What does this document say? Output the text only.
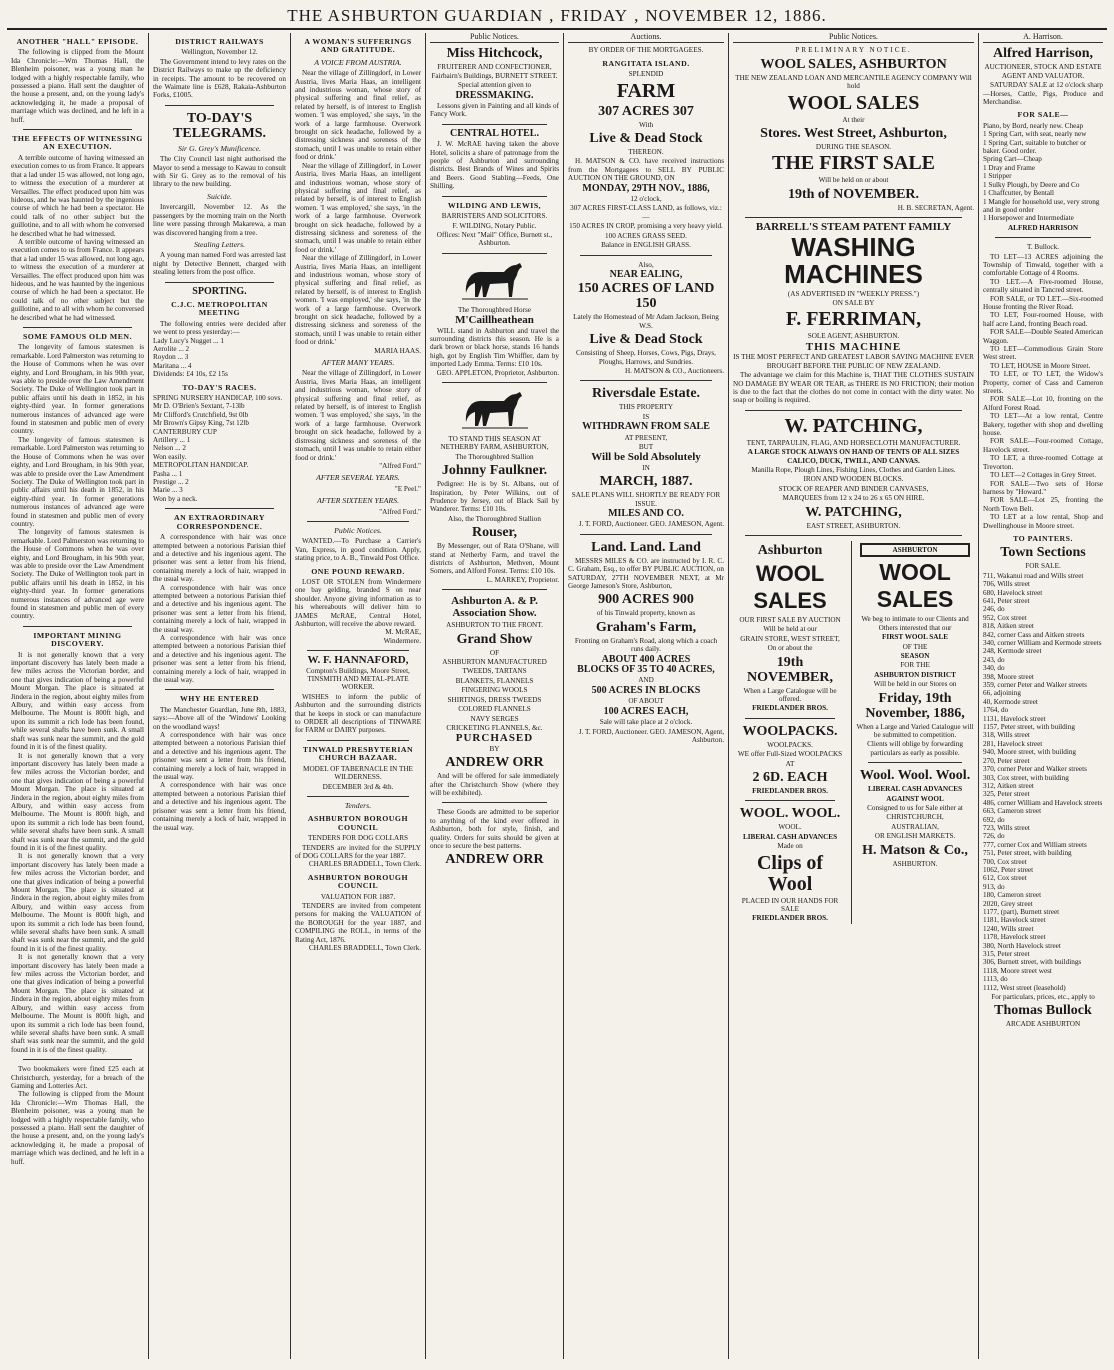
THE ASHBURTON GUARDIAN , FRIDAY , NOVEMBER 12, 1886.
ANOTHER "HALL" EPISODE.

The following is clipped from the Mount Ida Chronicle:—Wm Thomas Hall, the Blenheim poisoner, was a young man he lodged with a highly respectable family, who possessed a piano. Hall sent the daughter of the house a present, and, on the young lady's acknowledging it, he made a proposal of marriage which was declined, and he left in a huff.

THE EFFECTS OF WITNESSING AN EXECUTION.

A terrible outcome of having witnessed an execution comes to us from France. It appears that a lad under 15 was allowed, not long ago, to witness the execution of a murderer at Versailles. The effect produced upon him was hideous, and he was haunted by the ingenious course of which he had been a spectator. He could talk of no other subject but the guillotine, and to all with whom he conversed he described what he had witnessed.

A terrible outcome of having witnessed an execution comes to us from France. It appears that a lad under 15 was allowed, not long ago, to witness the execution of a murderer at Versailles. The effect produced upon him was hideous, and he was haunted by the ingenious course of which he had been a spectator. He could talk of no other subject but the guillotine, and to all with whom he conversed he described what he had witnessed.

SOME FAMOUS OLD MEN.

The longevity of famous statesmen is remarkable. Lord Palmerston was returning to the House of Commons when he was over eighty, and Lord Brougham, in his 90th year, was able to preside over the Law Amendment Society. The Duke of Wellington took part in public affairs until his death in 1852, in his eighty-third year. In former generations numerous instances of advanced age were found in statesmen and public men of every country.

The longevity of famous statesmen is remarkable. Lord Palmerston was returning to the House of Commons when he was over eighty, and Lord Brougham, in his 90th year, was able to preside over the Law Amendment Society. The Duke of Wellington took part in public affairs until his death in 1852, in his eighty-third year. In former generations numerous instances of advanced age were found in statesmen and public men of every country.

The longevity of famous statesmen is remarkable. Lord Palmerston was returning to the House of Commons when he was over eighty, and Lord Brougham, in his 90th year, was able to preside over the Law Amendment Society. The Duke of Wellington took part in public affairs until his death in 1852, in his eighty-third year. In former generations numerous instances of advanced age were found in statesmen and public men of every country.

IMPORTANT MINING DISCOVERY.

It is not generally known that a very important discovery has lately been made a few miles across the Victorian border, and one that gives indication of being a powerful Mount Morgan. The place is situated at Jindera in the region, about eighty miles from Albury, and within easy access from Melbourne. The Mount is 800ft high, and upon its summit a rich lode has been found, while several shafts have been sunk. A small shaft was sunk near the summit, and the gold found in it is of the finest quality.

It is not generally known that a very important discovery has lately been made a few miles across the Victorian border, and one that gives indication of being a powerful Mount Morgan. The place is situated at Jindera in the region, about eighty miles from Albury, and within easy access from Melbourne. The Mount is 800ft high, and upon its summit a rich lode has been found, while several shafts have been sunk. A small shaft was sunk near the summit, and the gold found in it is of the finest quality.

It is not generally known that a very important discovery has lately been made a few miles across the Victorian border, and one that gives indication of being a powerful Mount Morgan. The place is situated at Jindera in the region, about eighty miles from Albury, and within easy access from Melbourne. The Mount is 800ft high, and upon its summit a rich lode has been found, while several shafts have been sunk. A small shaft was sunk near the summit, and the gold found in it is of the finest quality.

It is not generally known that a very important discovery has lately been made a few miles across the Victorian border, and one that gives indication of being a powerful Mount Morgan. The place is situated at Jindera in the region, about eighty miles from Albury, and within easy access from Melbourne. The Mount is 800ft high, and upon its summit a rich lode has been found, while several shafts have been sunk. A small shaft was sunk near the summit, and the gold found in it is of the finest quality.

Two bookmakers were fined £25 each at Christchurch, yesterday, for a breach of the Gaming and Lotteries Act.

The following is clipped from the Mount Ida Chronicle:—Wm Thomas Hall, the Blenheim poisoner, was a young man he lodged with a highly respectable family, who possessed a piano. Hall sent the daughter of the house a present, and, on the young lady's acknowledging it, he made a proposal of marriage which was declined, and he left in a huff.

DISTRICT RAILWAYS

Wellington, November 12.

The Government intend to levy rates on the District Railways to make up the deficiency in receipts. The amount to be recovered on the Waimate line is £628, Rakaia-Ashburton Forks, £1005.

TO-DAY'S TELEGRAMS.
Sir G. Grey's Munificence.

The City Council last night authorised the Mayor to send a message to Kawau to consult with Sir G. Grey as to the removal of his library to the new building.

Suicide.

Invercargill, November 12. As the passengers by the morning train on the North line were passing through Makarewa, a man was discovered hanging from a tree.

Stealing Letters.

A young man named Ford was arrested last night by Detective Bennett, charged with stealing letters from the post office.

SPORTING.
C.J.C. METROPOLITAN MEETING

The following entries were decided after we went to press yesterday:—

Lady Lucy's Nugget ... 1

Aerolite ... 2

Roydon ... 3

Maritana ... 4

Dividends: £4 10s, £2 15s

TO-DAY'S RACES.

SPRING NURSERY HANDICAP, 100 sovs.

Mr D. O'Brien's Sextant, 7-13lb

Mr Clifford's Crutchfield, 9st 0lb

Mr Brown's Gipsy King, 7st 12lb

CANTERBURY CUP

Artillery ... 1

Nelson ... 2

Won easily.

METROPOLITAN HANDICAP.

Pasha ... 1

Prestige ... 2

Marie ... 3

Won by a neck.

AN EXTRAORDINARY CORRESPONDENCE.

A correspondence with hair was once attempted between a notorious Parisian thief and a detective and his ingenious agent. The prisoner was sent a letter from his friend, containing merely a lock of hair, wrapped in the usual way.

A correspondence with hair was once attempted between a notorious Parisian thief and a detective and his ingenious agent. The prisoner was sent a letter from his friend, containing merely a lock of hair, wrapped in the usual way.

A correspondence with hair was once attempted between a notorious Parisian thief and a detective and his ingenious agent. The prisoner was sent a letter from his friend, containing merely a lock of hair, wrapped in the usual way.

WHY HE ENTERED

The Manchester Guardian, June 8th, 1883, says:—Above all of the 'Windows' Looking on the woodland ways!

A correspondence with hair was once attempted between a notorious Parisian thief and a detective and his ingenious agent. The prisoner was sent a letter from his friend, containing merely a lock of hair, wrapped in the usual way.

A correspondence with hair was once attempted between a notorious Parisian thief and a detective and his ingenious agent. The prisoner was sent a letter from his friend, containing merely a lock of hair, wrapped in the usual way.

A WOMAN'S SUFFERINGS AND GRATITUDE.
A VOICE FROM AUSTRIA.

Near the village of Zillingdorf, in Lower Austria, lives Maria Haas, an intelligent and industrious woman, whose story of physical suffering and final relief, as related by herself, is of interest to English women. 'I was employed,' she says, 'in the work of a large farmhouse. Overwork brought on sick headache, followed by a distressing sickness and soreness of the stomach, until I was unable to retain either food or drink.'

Near the village of Zillingdorf, in Lower Austria, lives Maria Haas, an intelligent and industrious woman, whose story of physical suffering and final relief, as related by herself, is of interest to English women. 'I was employed,' she says, 'in the work of a large farmhouse. Overwork brought on sick headache, followed by a distressing sickness and soreness of the stomach, until I was unable to retain either food or drink.'

Near the village of Zillingdorf, in Lower Austria, lives Maria Haas, an intelligent and industrious woman, whose story of physical suffering and final relief, as related by herself, is of interest to English women. 'I was employed,' she says, 'in the work of a large farmhouse. Overwork brought on sick headache, followed by a distressing sickness and soreness of the stomach, until I was unable to retain either food or drink.'

MARIA HAAS.

AFTER MANY YEARS.

Near the village of Zillingdorf, in Lower Austria, lives Maria Haas, an intelligent and industrious woman, whose story of physical suffering and final relief, as related by herself, is of interest to English women. 'I was employed,' she says, 'in the work of a large farmhouse. Overwork brought on sick headache, followed by a distressing sickness and soreness of the stomach, until I was unable to retain either food or drink.'

"Alfred Ford."

AFTER SEVERAL YEARS.

"E Peel."

AFTER SIXTEEN YEARS.

"Alfred Ford."

Public Notices.

WANTED.—To Purchase a Carrier's Van, Express, in good condition. Apply, stating price, to A. B., Tinwald Post Office.

ONE POUND REWARD.

LOST OR STOLEN from Windermere one bay gelding, branded S on near shoulder. Anyone giving information as to his whereabouts will deliver him to JAMES McRAE, Central Hotel, Ashburton, will receive the above reward.

M. McRAE,

Windermere.

W. F. HANNAFORD,

Compton's Buildings, Moore Street, TINSMITH AND METAL-PLATE WORKER.

WISHES to inform the public of Ashburton and the surrounding districts that he keeps in stock or can manufacture to ORDER all descriptions of TINWARE for FARM or DAIRY purposes.

TINWALD PRESBYTERIAN CHURCH BAZAAR.

MODEL OF TABERNACLE IN THE WILDERNESS.

DECEMBER 3rd & 4th.

Tenders.
ASHBURTON BOROUGH COUNCIL

TENDERS FOR DOG COLLARS

TENDERS are invited for the SUPPLY of DOG COLLARS for the year 1887.

CHARLES BRADDELL, Town Clerk.

ASHBURTON BOROUGH COUNCIL

VALUATION FOR 1887.

TENDERS are invited from competent persons for making the VALUATION of the BOROUGH for the year 1887, and COMPILING the ROLL, in terms of the Rating Act, 1876.

CHARLES BRADDELL, Town Clerk.

Public Notices.
Miss Hitchcock,

FRUITERER AND CONFECTIONER, Fairbairn's Buildings, BURNETT STREET.

Special attention given to

DRESSMAKING.

Lessons given in Painting and all kinds of Fancy Work.

CENTRAL HOTEL.

J. W. McRAE having taken the above Hotel, solicits a share of patronage from the people of Ashburton and surrounding districts. Best Brands of Wines and Spirits and Beers. Good Stabling—Feeds, One Shilling.

WILDING AND LEWIS,

BARRISTERS AND SOLICITORS.

F. WILDING, Notary Public.

Offices: Next "Mail" Office, Burnett st., Ashburton.

The Thoroughbred Horse

M'Caillheathean

WILL stand in Ashburton and travel the surrounding districts this season. He is a dark brown or black horse, stands 16 hands high, got by English Tim Whiffler, dam by imported Lady Emma. Terms: £10 10s.

GEO. APPLETON, Proprietor, Ashburton.

TO STAND THIS SEASON AT NETHERBY FARM, ASHBURTON,

The Thoroughbred Stallion

Johnny Faulkner.

Pedigree: He is by St. Albans, out of Inspiration, by Peter Wilkins, out of Prudence by Jersey, out of Black Sail by Wanderer. Terms: £10 10s.

Also, the Thoroughbred Stallion

Rouser,

By Messenger, out of Rata O'Shane, will stand at Netherby Farm, and travel the districts of Ashburton, Methven, Mount Somers, and Alford Forest. Terms: £10 10s.

L. MARKEY, Proprietor.

Ashburton A. & P. Association Show.

ASHBURTON TO THE FRONT.

Grand Show

OF

ASHBURTON MANUFACTURED

TWEEDS, TARTANS

BLANKETS, FLANNELS

FINGERING WOOLS

SHIRTINGS, DRESS TWEEDS

COLORED FLANNELS

NAVY SERGES

CRICKETING FLANNELS, &c.

PURCHASED

BY

ANDREW ORR

And will be offered for sale immediately after the Christchurch Show (where they will be exhibited).

These Goods are admitted to be superior to anything of the kind ever offered in Ashburton, both for style, finish, and quality. Orders for suits should be given at once to secure the best patterns.

ANDREW ORR
Auctions.

BY ORDER OF THE MORTGAGEES.

RANGITATA ISLAND.

SPLENDID

FARM
307 ACRES 307

With

Live & Dead Stock

THEREON.

H. MATSON & CO. have received instructions from the Mortgagees to SELL BY PUBLIC AUCTION ON THE GROUND, ON

MONDAY, 29TH NOV., 1886,

12 o'clock,

307 ACRES FIRST-CLASS LAND, as follows, viz.:—

150 ACRES IN CROP, promising a very heavy yield.

100 ACRES GRASS SEED.

Balance in ENGLISH GRASS.

Also,

NEAR EALING,
150 ACRES OF LAND 150

Lately the Homestead of Mr Adam Jackson, Being W.S.

Live & Dead Stock

Consisting of Sheep, Horses, Cows, Pigs, Drays, Ploughs, Harrows, and Sundries.

H. MATSON & CO., Auctioneers.

Riversdale Estate.

THIS PROPERTY

IS

WITHDRAWN FROM SALE

AT PRESENT,

BUT

Will be Sold Absolutely

IN

MARCH, 1887.

SALE PLANS WILL SHORTLY BE READY FOR ISSUE.

MILES AND CO.

J. T. FORD, Auctioneer. GEO. JAMESON, Agent.

Land. Land. Land

MESSRS MILES & CO. are instructed by I. R. C. C. Graham, Esq., to offer BY PUBLIC AUCTION, on SATURDAY, 27TH NOVEMBER NEXT, at Mr George Jameson's Store, Ashburton,

900 ACRES 900

of his Tinwald property, known as

Graham's Farm,

Fronting on Graham's Road, along which a coach runs daily.

ABOUT 400 ACRES
BLOCKS OF 35 TO 40 ACRES,

AND

500 ACRES IN BLOCKS

OF ABOUT

100 ACRES EACH,

Sale will take place at 2 o'clock.

J. T. FORD, Auctioneer. GEO. JAMESON, Agent, Ashburton.

Public Notices.

PRELIMINARY NOTICE.

WOOL SALES, ASHBURTON

THE NEW ZEALAND LOAN AND MERCANTILE AGENCY COMPANY Will hold

WOOL SALES

At their

Stores. West Street, Ashburton,

DURING THE SEASON.

THE FIRST SALE

Will be held on or about

19th of NOVEMBER.

H. B. SECRETAN, Agent.

BARRELL'S STEAM PATENT FAMILY
WASHING MACHINES

(AS ADVERTISED IN "WEEKLY PRESS.")

ON SALE BY

F. FERRIMAN,

SOLE AGENT, ASHBURTON.

THIS MACHINE

IS THE MOST PERFECT AND GREATEST LABOR SAVING MACHINE EVER BROUGHT BEFORE THE PUBLIC OF NEW ZEALAND.

The advantage we claim for this Machine is, THAT THE CLOTHES SUSTAIN NO DAMAGE BY WEAR OR TEAR, as THERE IS NO FRICTION; their motion is due to the fact that the clothes do not come in contact with the dirty water. No soap or boiling is required.

W. PATCHING,

TENT, TARPAULIN, FLAG, AND HORSECLOTH MANUFACTURER.

A LARGE STOCK ALWAYS ON HAND OF TENTS OF ALL SIZES CALICO, DUCK, TWILL, AND CANVAS.

Manilla Rope, Plough Lines, Fishing Lines, Clothes and Garden Lines.

IRON AND WOODEN BLOCKS.

STOCK OF REAPER AND BINDER CANVASES,

MARQUEES from 12 x 24 to 26 x 65 ON HIRE.

W. PATCHING,

EAST STREET, ASHBURTON.

Ashburton
WOOL SALES

OUR FIRST SALE BY AUCTION

Will be held at our

GRAIN STORE, WEST STREET,

On or about the

19th NOVEMBER,

When a Large Catalogue will be offered.

FRIEDLANDER BROS.

WOOLPACKS.

WOOLPACKS.

WE offer Full-Sized WOOLPACKS

AT

2 6D. EACH

FRIEDLANDER BROS.

WOOL. WOOL.

WOOL.

LIBERAL CASH ADVANCES

Made on

Clips of Wool

PLACED IN OUR HANDS FOR SALE

FRIEDLANDER BROS.

ASHBURTON
WOOL SALES

We beg to intimate to our Clients and Others interested that our

FIRST WOOL SALE

OF THE

SEASON

FOR THE

ASHBURTON DISTRICT

Will be held in our Stores on

Friday, 19th November, 1886,

When a Large and Varied Catalogue will be submitted to competition.

Clients will oblige by forwarding particulars as early as possible.

Wool. Wool. Wool.

LIBERAL CASH ADVANCES

AGAINST WOOL

Consigned to us for Sale either at

CHRISTCHURCH,

AUSTRALIAN,

OR ENGLISH MARKETS.

H. Matson & Co.,

ASHBURTON.

A. Harrison.
Alfred Harrison,

AUCTIONEER, STOCK AND ESTATE AGENT AND VALUATOR.

SATURDAY SALE at 12 o'clock sharp —Horses, Cattle, Pigs, Produce and Merchandise.

FOR SALE—

Piano, by Bord, nearly new. Cheap

1 Spring Cart, with seat, nearly new

1 Spring Cart, suitable to butcher or baker. Good order.

Spring Cart—Cheap

1 Dray and Frame

1 Stripper

1 Sulky Plough, by Deere and Co

1 Chaffcutter, by Bentall

1 Mangle for household use, very strong and in good order

1 Horsepower and Intermediate

ALFRED HARRISON

T. Bullock.

TO LET—13 ACRES adjoining the Township of Tinwald, together with a comfortable Cottage of 4 Rooms.

TO LET.—A Five-roomed House, centrally situated in Tancred street.

FOR SALE, or TO LET.—Six-roomed House fronting the River Road.

TO LET, Four-roomed House, with half acre Land, fronting Beach road.

FOR SALE—Double Seated American Waggon.

TO LET—Commodious Grain Store West street.

TO LET, HOUSE in Moore Street.

TO LET, or TO LET, the Widow's Property, corner of Cass and Cameron streets.

FOR SALE—Lot 10, fronting on the Alford Forest Road.

TO LET—At a low rental, Centre Bakery, together with shop and dwelling house.

FOR SALE—Four-roomed Cottage, Havelock street.

TO LET, a three-roomed Cottage at Trevorton.

TO LET—2 Cottages in Grey Street.

FOR SALE—Two sets of Horse harness by "Howard."

FOR SALE—Lot 25, fronting the North Town Belt.

TO LET at a low rental, Shop and Dwellinghouse in Moore street.

TO PAINTERS.
Town Sections

FOR SALE.

711, Wakanui road and Wills street

706, Wills street

680, Havelock street

641, Peter street

246, do

952, Cox street

818, Aitken street

842, corner Cass and Aitken streets

340, corner William and Kermode streets

248, Kermode street

243, do

340, do

398, Moore street

359, corner Peter and Walker streets

66, adjoining

40, Kermode street

1764, do

1131, Havelock street

1157, Peter street, with building

318, Wills street

281, Havelock street

940, Moore street, with building

270, Peter street

370, corner Peter and Walker streets

303, Cox street, with building

312, Aitken street

325, Peter street

486, corner William and Havelock streets

663, Cameron street

692, do

723, Wills street

726, do

777, corner Cox and William streets

751, Peter street, with building

700, Cox street

1062, Peter street

612, Cox street

913, do

180, Cameron street

2020, Grey street

1177, (part), Burnett street

1181, Havelock street

1240, Wills street

1178, Havelock street

380, North Havelock street

315, Peter street

306, Burnett street, with buildings

1118, Moore street west

1113, do

1112, West street (leasehold)

For particulars, prices, etc., apply to

Thomas Bullock

ARCADE ASHBURTON
